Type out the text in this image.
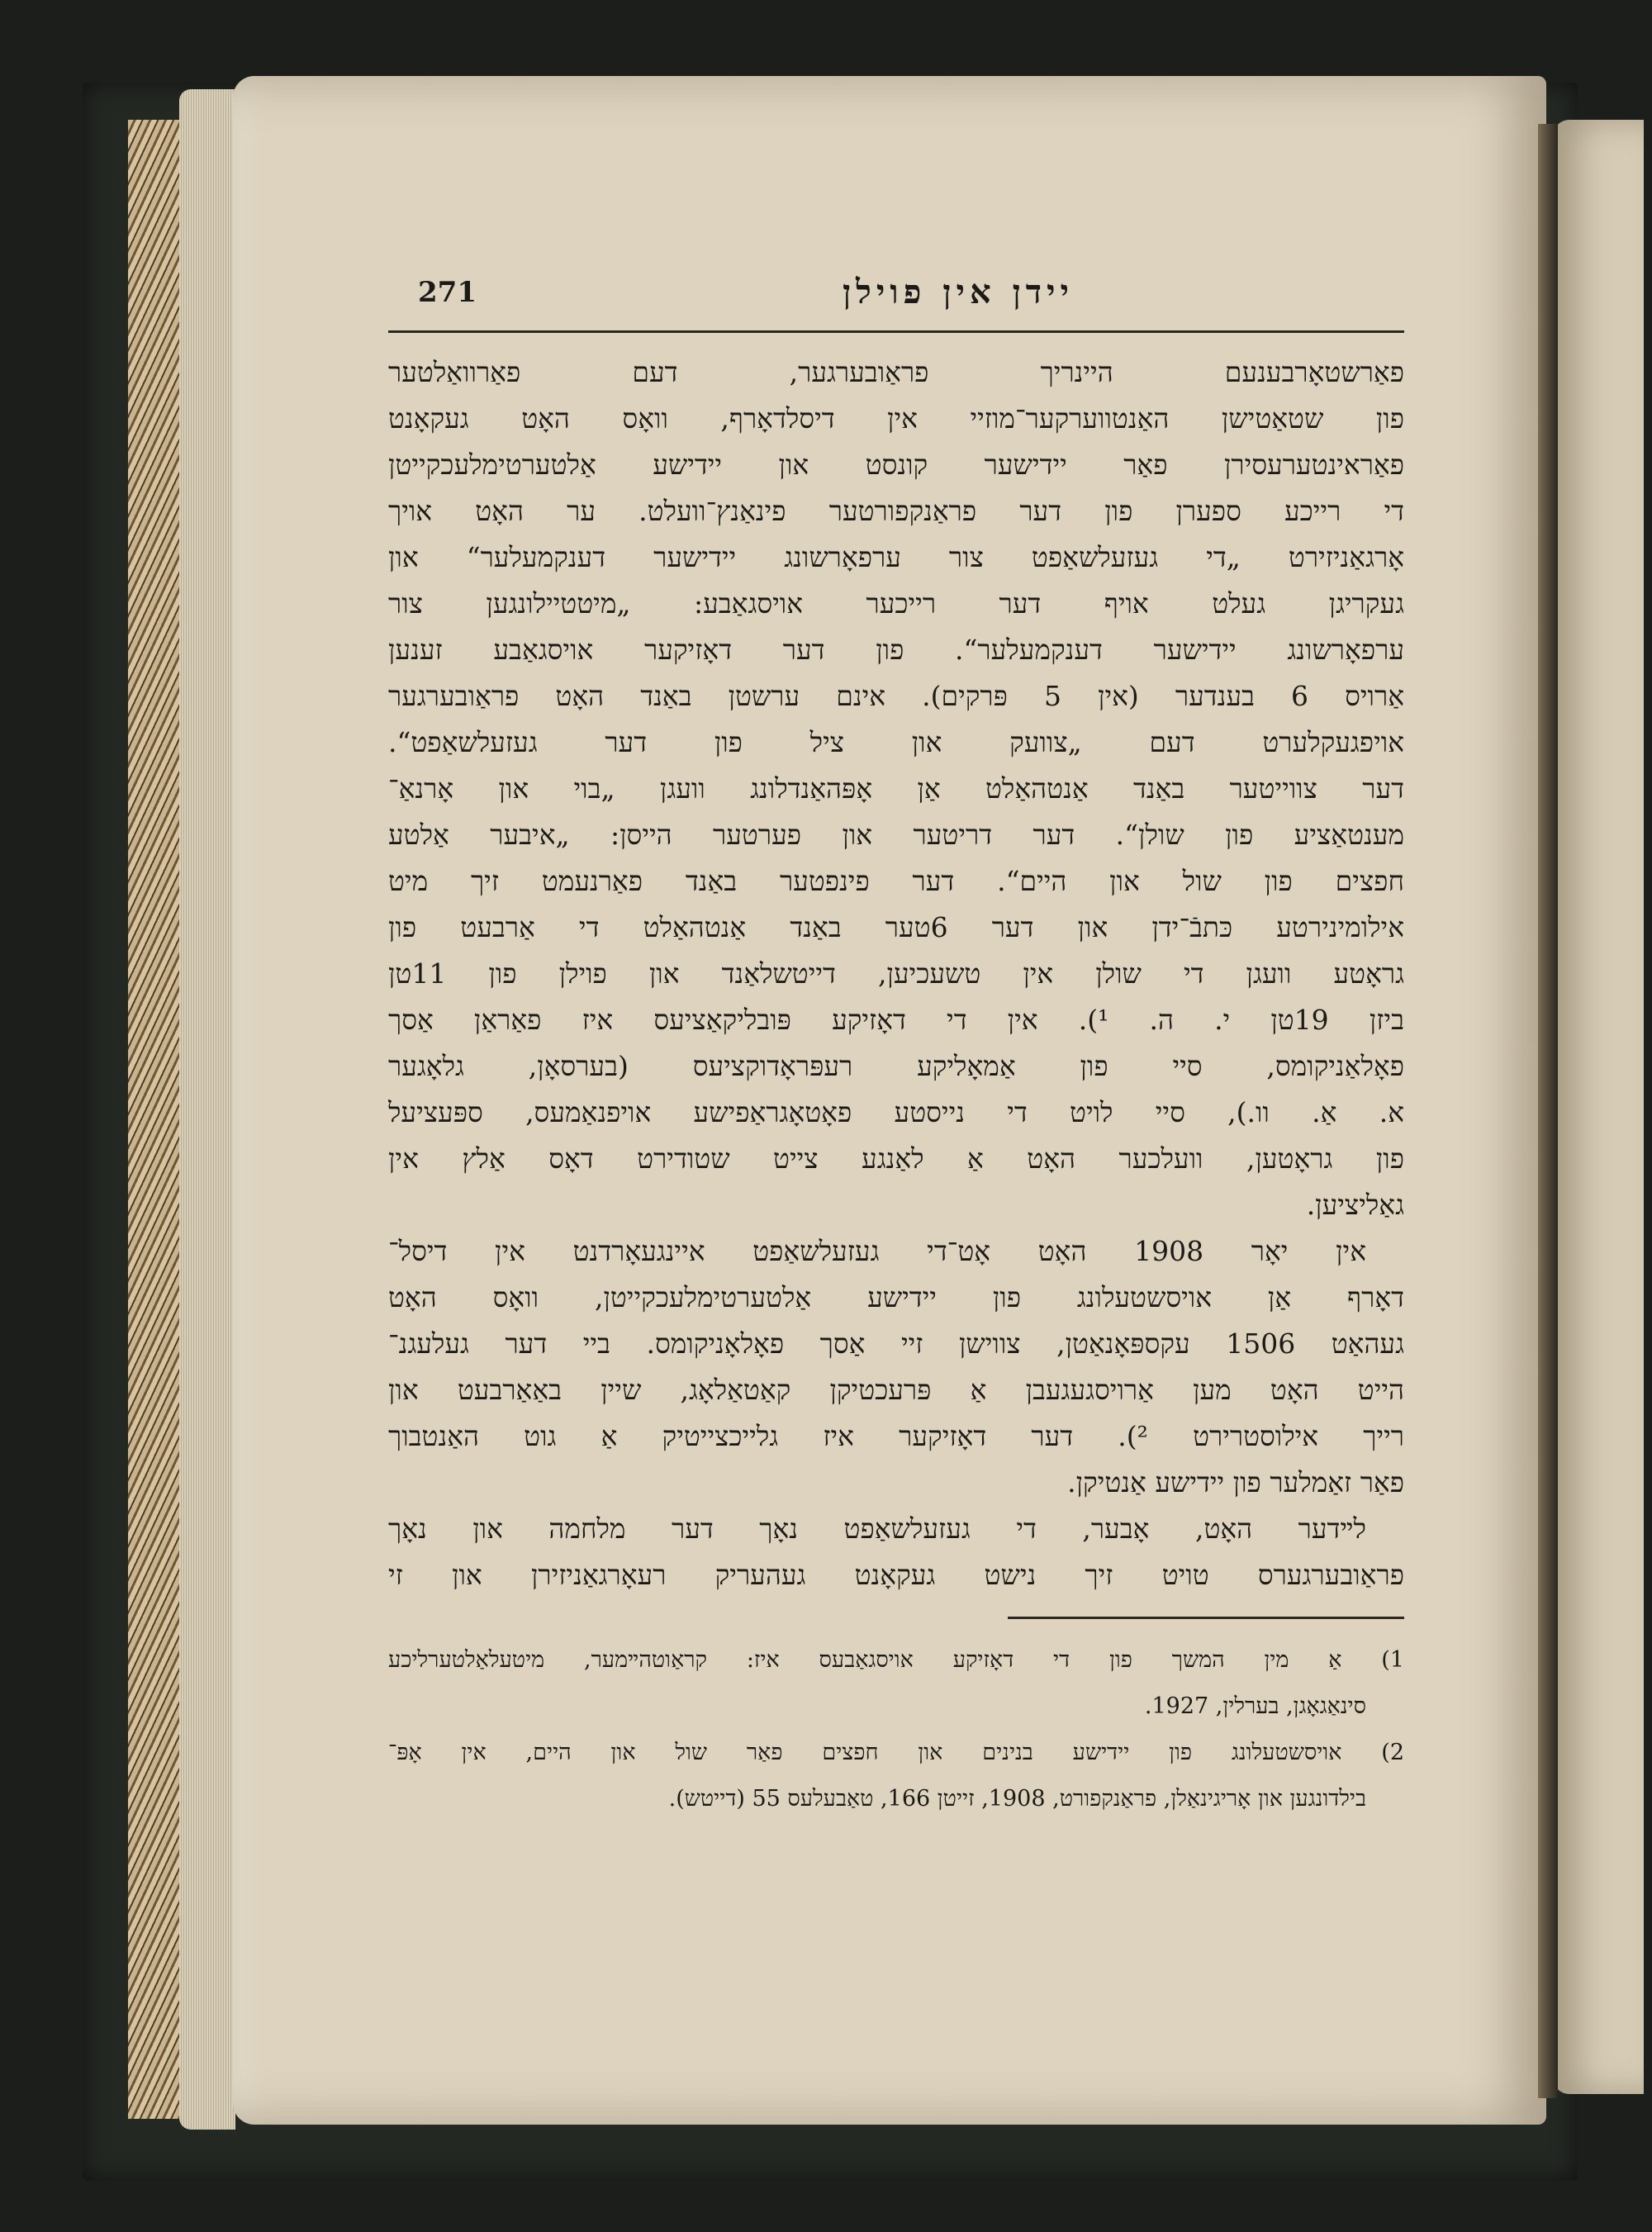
271	יידן אין פוילן
פאַרשטאָרבענעם היינריך פראַובערגער, דעם פאַרוואַלטער
פון שטאַטישן האַנטווערקער־מוזיי אין דיסלדאָרף, וואָס האָט געקאָנט
פאַראינטערעסירן פאַר יידישער קונסט און יידישע אַלטערטימלעכקייטן
די רייכע ספערן פון דער פראַנקפורטער פינאַנץ־וועלט. ער האָט אויך
אָרגאַניזירט „די געזעלשאַפט צור ערפאָרשונג יידישער דענקמעלער“ און
געקריגן געלט אויף דער רייכער אויסגאַבע: „מיטטיילונגען צור
ערפאָרשונג יידישער דענקמעלער“. פון דער דאָזיקער אויסגאַבע זענען
אַרויס 6 בענדער (אין 5 פּרקים). אינם ערשטן באַנד האָט פראַובערגער
אויפגעקלערט דעם „צוועק און ציל פון דער געזעלשאַפט“.
דער צווייטער באַנד אַנטהאַלט אַן אָפּהאַנדלונג וועגן „בוי און אָרנאַ־
מענטאַציע פון שולן“. דער דריטער און פערטער הייסן: „איבער אַלטע
חפצים פון שול און היים“. דער פינפטער באַנד פאַרנעמט זיך מיט
אילומינירטע כּתבֿ־ידן און דער 6טער באַנד אַנטהאַלט די אַרבעט פון
גראָטע וועגן די שולן אין טשעכיען, דייטשלאַנד און פוילן פון 11טן
ביזן 19טן י. ה. ¹). אין די דאָזיקע פּובליקאַציעס איז פאַראַן אַסך
פאָלאַניקומס, סיי פון אַמאָליקע רעפּראָדוקציעס (בערסאָן, גלאָגער
א. אַ. וו.), סיי לויט די נייסטע פאָטאָגראַפישע אויפנאַמעס, ספּעציעל
פון גראָטען, וועלכער האָט אַ לאַנגע צייט שטודירט דאָס אַלץ אין
גאַליציען.
אין יאָר 1908 האָט אָט־די געזעלשאַפט איינגעאָרדנט אין דיסל־
דאָרף אַן אויסשטעלונג פון יידישע אַלטערטימלעכקייטן, וואָס האָט
געהאַט 1506 עקספּאָנאַטן, צווישן זיי אַסך פאָלאָניקומס. ביי דער געלעגנ־
הייט האָט מען אַרויסגעגעבן אַ פּרעכטיקן קאַטאַלאָג, שיין באַאַרבעט און
רייך אילוסטרירט ²). דער דאָזיקער איז גלייכצייטיק אַ גוט האַנטבוך
פאַר זאַמלער פון יידישע אַנטיקן.
לײדער האָט, אָבער, די געזעלשאַפט נאָך דער מלחמה און נאָך
פראַובערגערס טויט זיך נישט געקאָנט געהעריק רעאָרגאַניזירן און זי
1) אַ מין המשך פון די דאָזיקע אויסגאַבעס איז: קראַוטהײמער, מיטעלאַלטערליכע
סינאַגאָגן, בערלין, 1927.
2) אויסשטעלונג פון יידישע בנינים און חפצים פאַר שול און היים, אין אָפּ־
בילדונגען און אָריגינאַלן, פראַנקפורט, 1908, זייטן 166, טאַבעלעס 55 (דייטש).
